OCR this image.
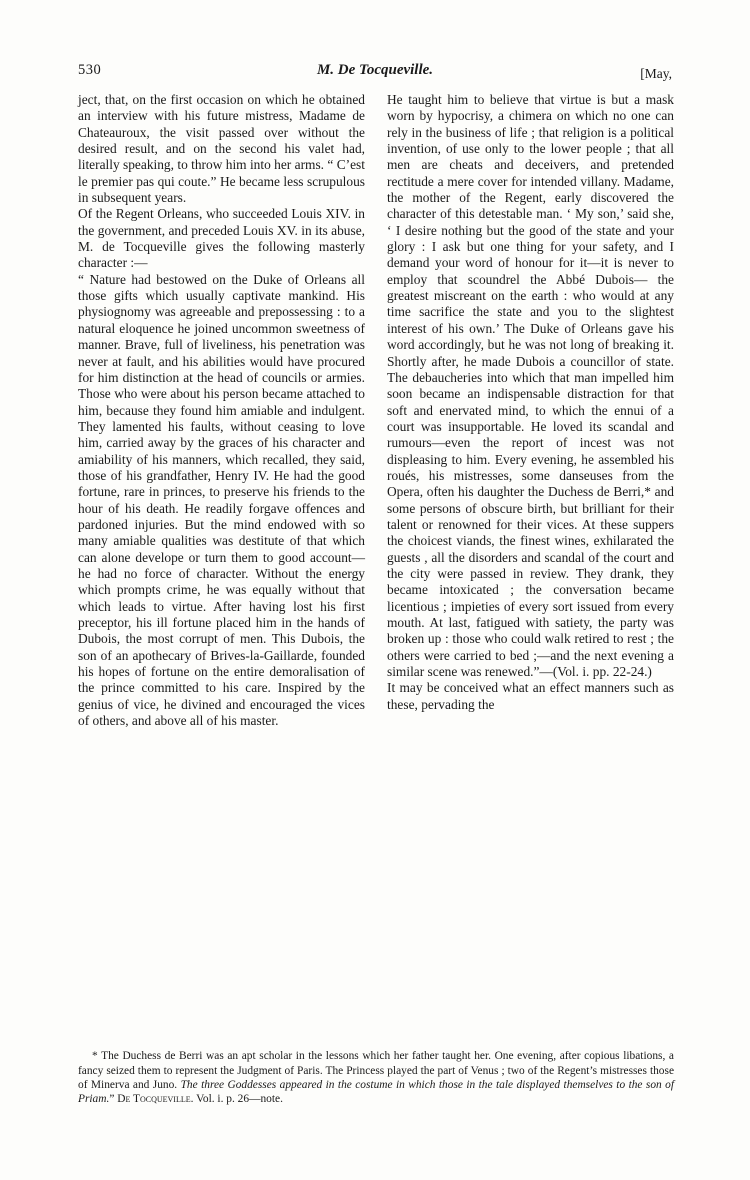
530	M. De Tocqueville.	[May,

ject, that, on the first occasion on which he obtained an interview with his future mistress, Madame de Chateauroux, the visit passed over without the desired result, and on the second his valet had, literally speaking, to throw him into her arms. “ C’est le premier pas qui coute.” He became less scrupulous in subsequent years.

Of the Regent Orleans, who succeeded Louis XIV. in the government, and preceded Louis XV. in its abuse, M. de Tocqueville gives the following masterly character :—

“ Nature had bestowed on the Duke of Orleans all those gifts which usually captivate mankind. His physiognomy was agreeable and prepossessing : to a natural eloquence he joined uncommon sweetness of manner. Brave, full of liveliness, his penetration was never at fault, and his abilities would have procured for him distinction at the head of councils or armies. Those who were about his person became attached to him, because they found him amiable and indulgent. They lamented his faults, without ceasing to love him, carried away by the graces of his character and amiability of his manners, which recalled, they said, those of his grandfather, Henry IV. He had the good fortune, rare in princes, to preserve his friends to the hour of his death. He readily forgave offences and pardoned injuries. But the mind endowed with so many amiable qualities was destitute of that which can alone develope or turn them to good account—he had no force of character. Without the energy which prompts crime, he was equally without that which leads to virtue. After having lost his first preceptor, his ill fortune placed him in the hands of Dubois, the most corrupt of men. This Dubois, the son of an apothecary of Brives-la-Gaillarde, founded his hopes of fortune on the entire demoralisation of the prince committed to his care. Inspired by the genius of vice, he divined and encouraged the vices of others, and above all of his master.

He taught him to believe that virtue is but a mask worn by hypocrisy, a chimera on which no one can rely in the business of life ; that religion is a political invention, of use only to the lower people ; that all men are cheats and deceivers, and pretended rectitude a mere cover for intended villany. Madame, the mother of the Regent, early discovered the character of this detestable man. ‘ My son,’ said she, ‘ I desire nothing but the good of the state and your glory : I ask but one thing for your safety, and I demand your word of honour for it—it is never to employ that scoundrel the Abbé Dubois— the greatest miscreant on the earth : who would at any time sacrifice the state and you to the slightest interest of his own.’ The Duke of Orleans gave his word accordingly, but he was not long of breaking it. Shortly after, he made Dubois a councillor of state. The debaucheries into which that man impelled him soon became an indispensable distraction for that soft and enervated mind, to which the ennui of a court was insupportable. He loved its scandal and rumours—even the report of incest was not displeasing to him. Every evening, he assembled his roués, his mistresses, some danseuses from the Opera, often his daughter the Duchess de Berri,* and some persons of obscure birth, but brilliant for their talent or renowned for their vices. At these suppers the choicest viands, the finest wines, exhilarated the guests , all the disorders and scandal of the court and the city were passed in review. They drank, they became intoxicated ; the conversation became licentious ; impieties of every sort issued from every mouth. At last, fatigued with satiety, the party was broken up : those who could walk retired to rest ; the others were carried to bed ;—and the next evening a similar scene was renewed.”—(Vol. i. pp. 22-24.)

It may be conceived what an effect manners such as these, pervading the

* The Duchess de Berri was an apt scholar in the lessons which her father taught her. One evening, after copious libations, a fancy seized them to represent the Judgment of Paris. The Princess played the part of Venus ; two of the Regent’s mistresses those of Minerva and Juno. The three Goddesses appeared in the costume in which those in the tale displayed themselves to the son of Priam.” De Tocqueville. Vol. i. p. 26—note.
